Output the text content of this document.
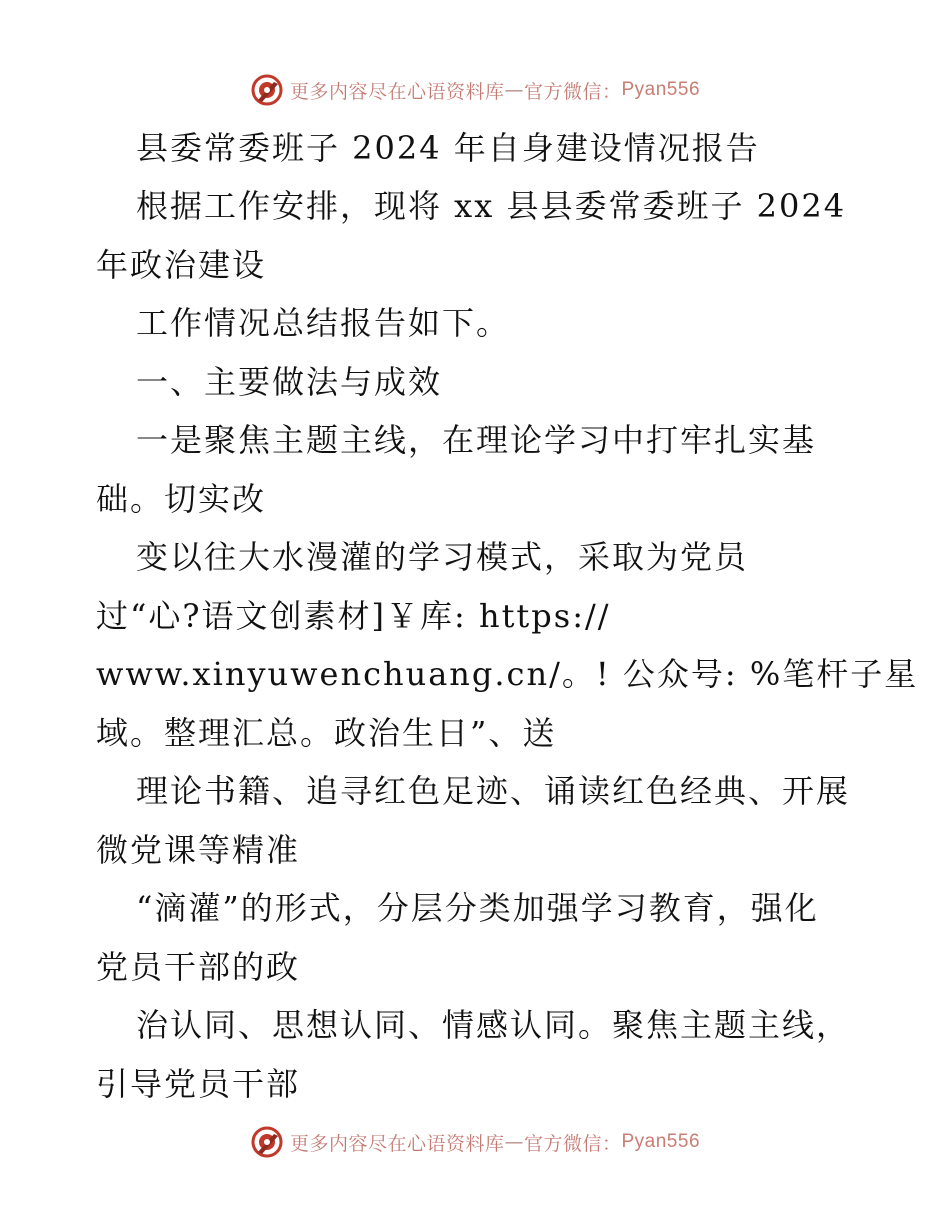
更多内容尽在心语资料库 — 官方微信： Pyan556
县委常委班子 2024 年自身建设情况报告
根据工作安排，现将 xx 县县委常委班子 2024
年政治建设
工作情况总结报告如下。
一、主要做法与成效
一是聚焦主题主线，在理论学习中打牢扎实基
础。切实改
变以往大水漫灌的学习模式，采取为党员
过“心?语文创素材]￥库: https://
www.xinyuwenchuang.cn/。! 公众号: %笔杆子星
域。整理汇总。政治生日”、送
理论书籍、追寻红色足迹、诵读红色经典、开展
微党课等精准
“滴灌”的形式，分层分类加强学习教育，强化
党员干部的政
治认同、思想认同、情感认同。聚焦主题主线，
引导党员干部
更多内容尽在心语资料库 — 官方微信： Pyan556
